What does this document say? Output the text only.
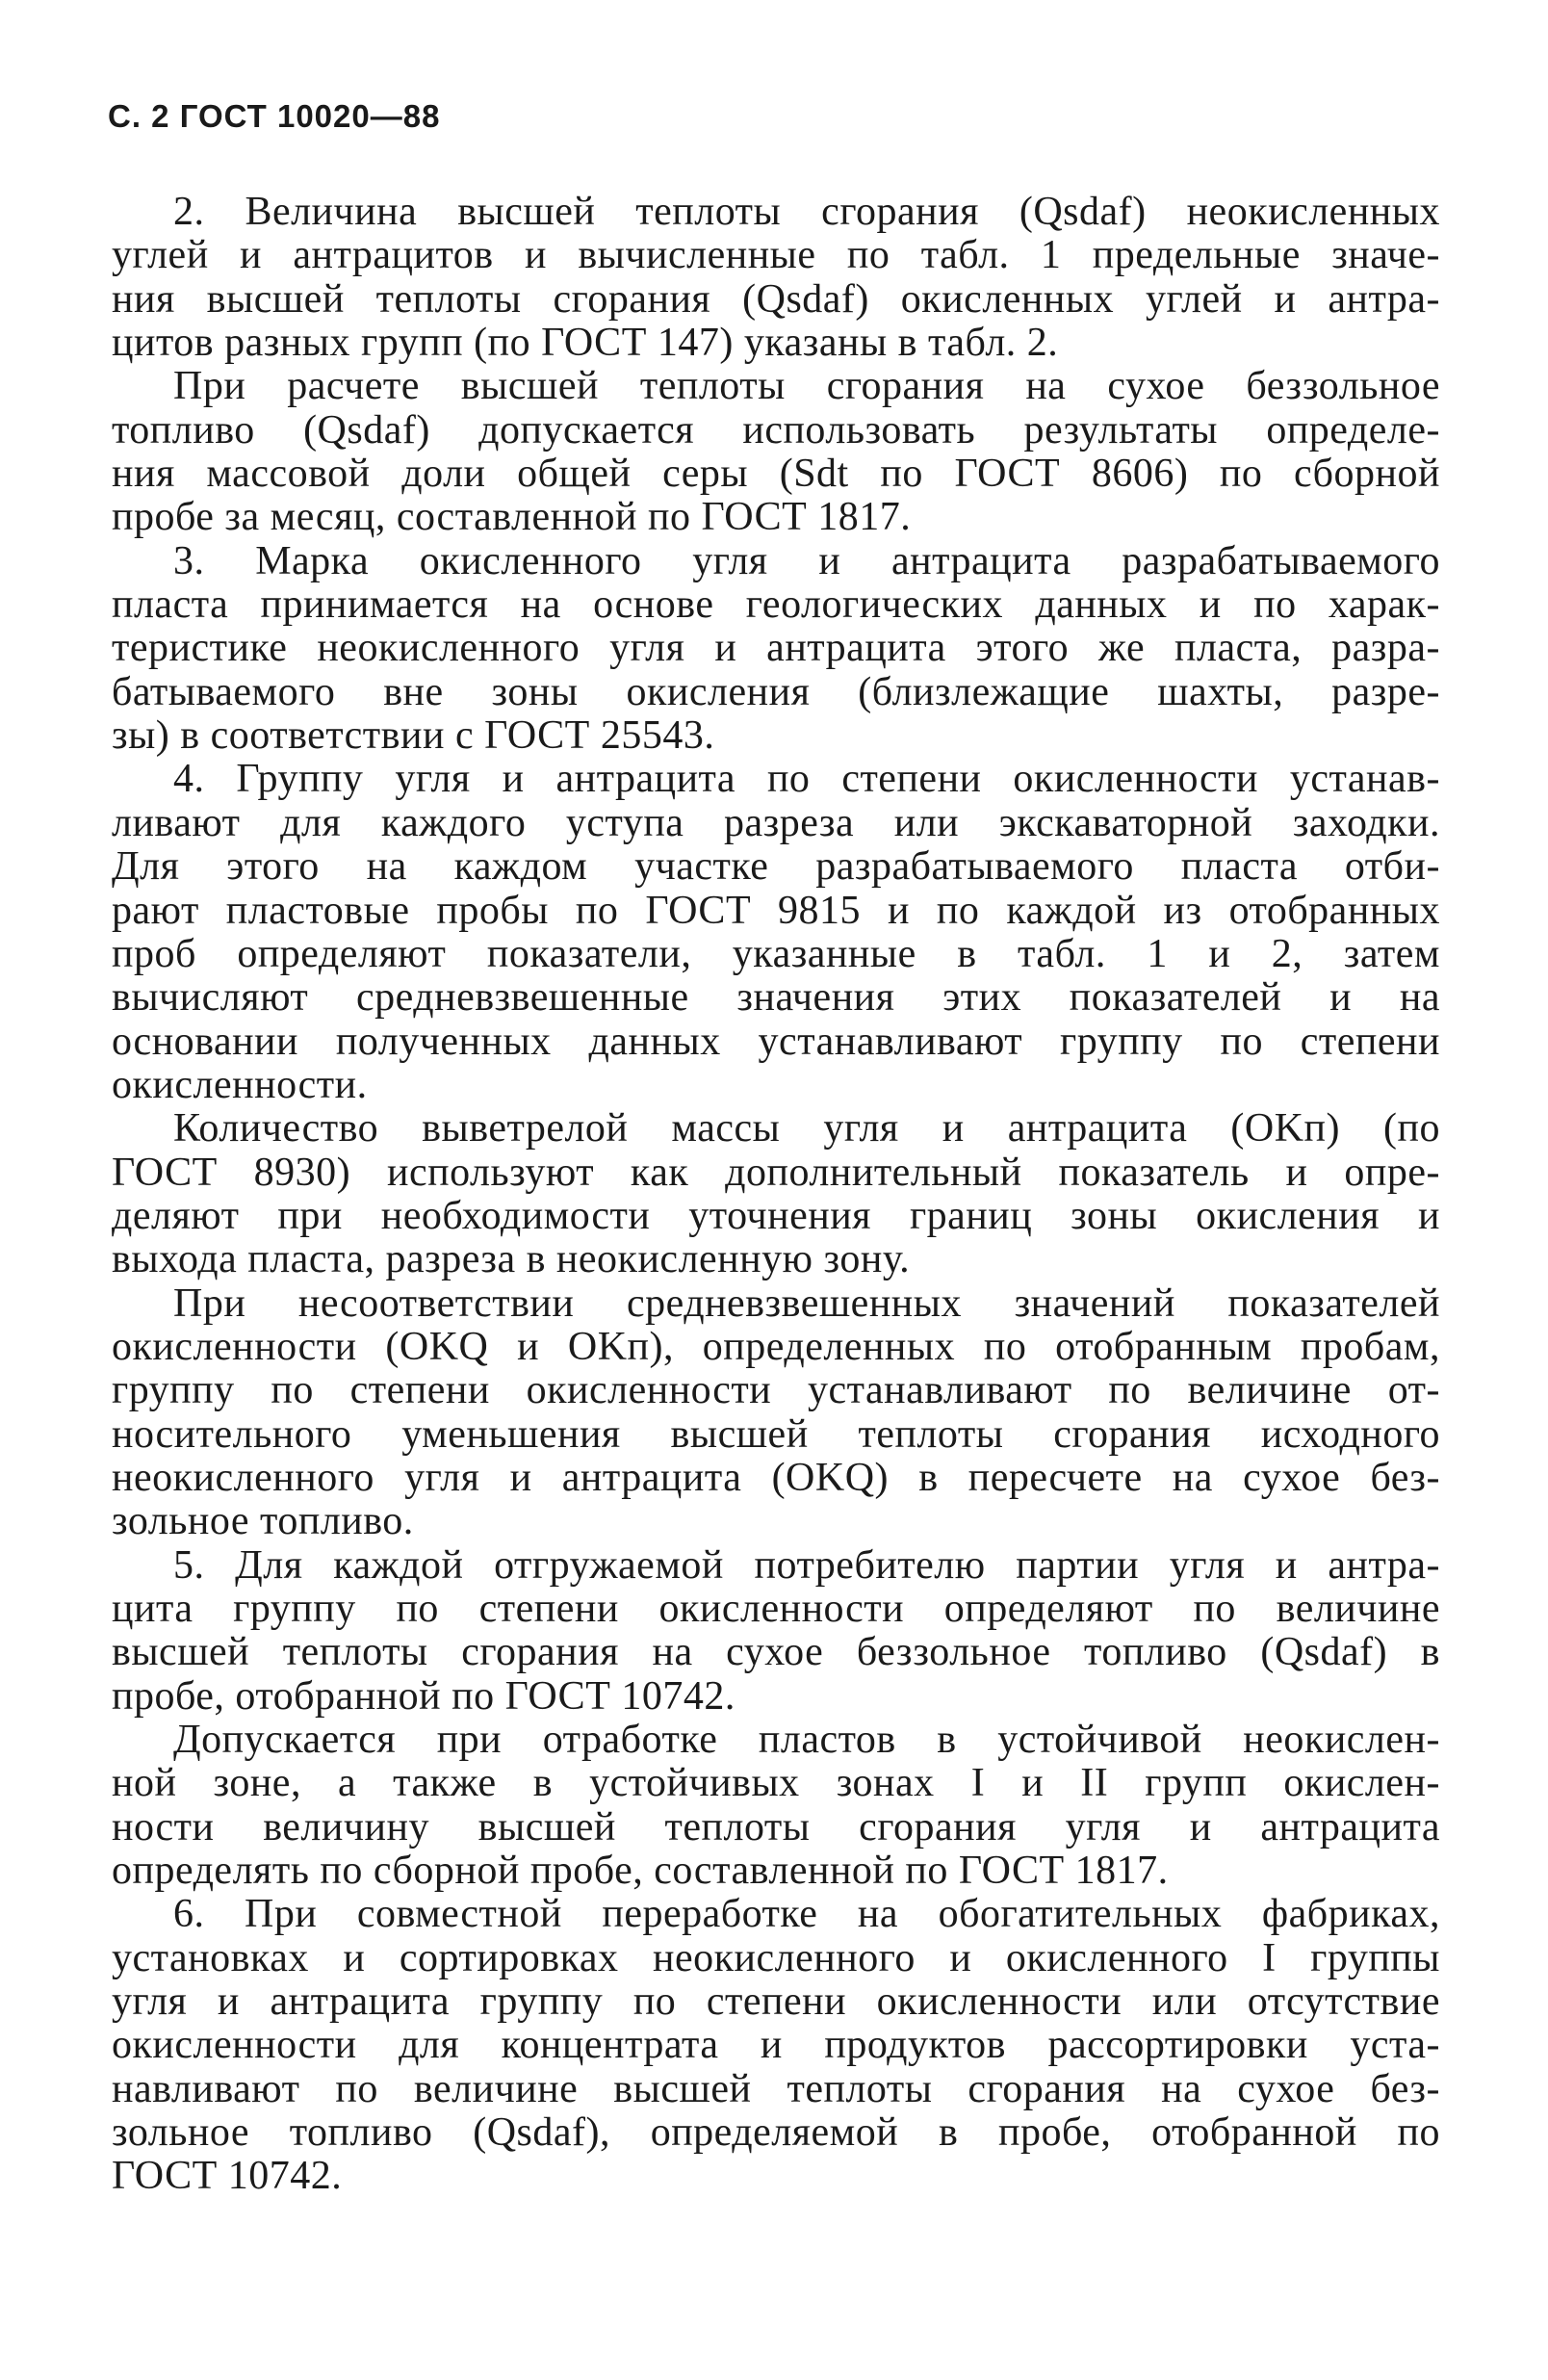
С. 2 ГОСТ 10020—88
2. Величина высшей теплоты сгорания (Qsdaf) неокисленных
углей и антрацитов и вычисленные по табл. 1 предельные значе-
ния высшей теплоты сгорания (Qsdaf) окисленных углей и антра-
цитов разных групп (по ГОСТ 147) указаны в табл. 2.
При расчете высшей теплоты сгорания на сухое беззольное
топливо (Qsdaf) допускается использовать результаты определе-
ния массовой доли общей серы (Sdt по ГОСТ 8606) по сборной
пробе за месяц, составленной по ГОСТ 1817.
3. Марка окисленного угля и антрацита разрабатываемого
пласта принимается на основе геологических данных и по харак-
теристике неокисленного угля и антрацита этого же пласта, разра-
батываемого вне зоны окисления (близлежащие шахты, разре-
зы) в соответствии с ГОСТ 25543.
4. Группу угля и антрацита по степени окисленности устанав-
ливают для каждого уступа разреза или экскаваторной заходки.
Для этого на каждом участке разрабатываемого пласта отби-
рают пластовые пробы по ГОСТ 9815 и по каждой из отобранных
проб определяют показатели, указанные в табл. 1 и 2, затем
вычисляют средневзвешенные значения этих показателей и на
основании полученных данных устанавливают группу по степени
окисленности.
Количество выветрелой массы угля и антрацита (OKп) (по
ГОСТ 8930) используют как дополнительный показатель и опре-
деляют при необходимости уточнения границ зоны окисления и
выхода пласта, разреза в неокисленную зону.
При несоответствии средневзвешенных значений показателей
окисленности (OKQ и OKп), определенных по отобранным пробам,
группу по степени окисленности устанавливают по величине от-
носительного уменьшения высшей теплоты сгорания исходного
неокисленного угля и антрацита (OKQ) в пересчете на сухое без-
зольное топливо.
5. Для каждой отгружаемой потребителю партии угля и антра-
цита группу по степени окисленности определяют по величине
высшей теплоты сгорания на сухое беззольное топливо (Qsdaf) в
пробе, отобранной по ГОСТ 10742.
Допускается при отработке пластов в устойчивой неокислен-
ной зоне, а также в устойчивых зонах I и II групп окислен-
ности величину высшей теплоты сгорания угля и антрацита
определять по сборной пробе, составленной по ГОСТ 1817.
6. При совместной переработке на обогатительных фабриках,
установках и сортировках неокисленного и окисленного I группы
угля и антрацита группу по степени окисленности или отсутствие
окисленности для концентрата и продуктов рассортировки уста-
навливают по величине высшей теплоты сгорания на сухое без-
зольное топливо (Qsdaf), определяемой в пробе, отобранной по
ГОСТ 10742.
